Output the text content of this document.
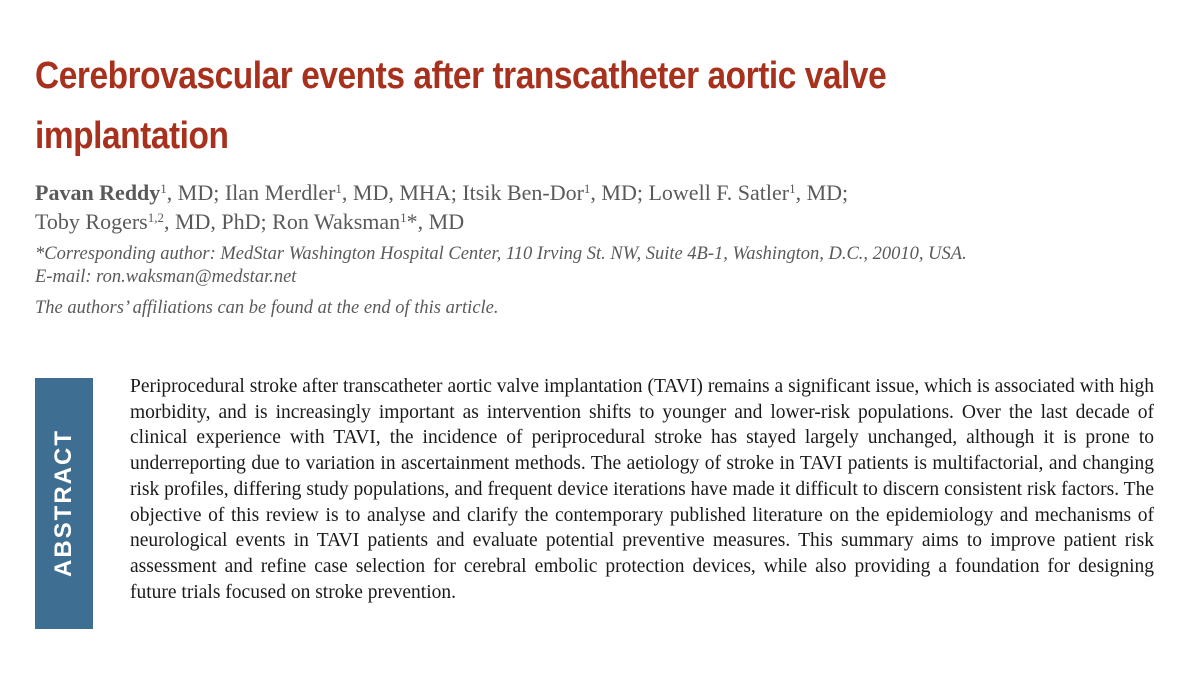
Cerebrovascular events after transcatheter aortic valve implantation
Pavan Reddy$^1$, MD; Ilan Merdler$^1$, MD, MHA; Itsik Ben-Dor$^1$, MD; Lowell F. Satler$^1$, MD;
Toby Rogers$^{1,2}$, MD, PhD; Ron Waksman$^1$*, MD
*Corresponding author: MedStar Washington Hospital Center, 110 Irving St. NW, Suite 4B-1, Washington, D.C., 20010, USA.
E-mail: ron.waksman@medstar.net
The authors’ affiliations can be found at the end of this article.
ABSTRACT

Periprocedural stroke after transcatheter aortic valve implantation (TAVI) remains a significant issue, which is associated with high morbidity, and is increasingly important as intervention shifts to younger and lower-risk populations. Over the last decade of clinical experience with TAVI, the incidence of periprocedural stroke has stayed largely unchanged, although it is prone to underreporting due to variation in ascertainment methods. The aetiology of stroke in TAVI patients is multifactorial, and changing risk profiles, differing study populations, and frequent device iterations have made it difficult to discern consistent risk factors. The objective of this review is to analyse and clarify the contemporary published literature on the epidemiology and mechanisms of neurological events in TAVI patients and evaluate potential preventive measures. This summary aims to improve patient risk assessment and refine case selection for cerebral embolic protection devices, while also providing a foundation for designing future trials focused on stroke prevention.
